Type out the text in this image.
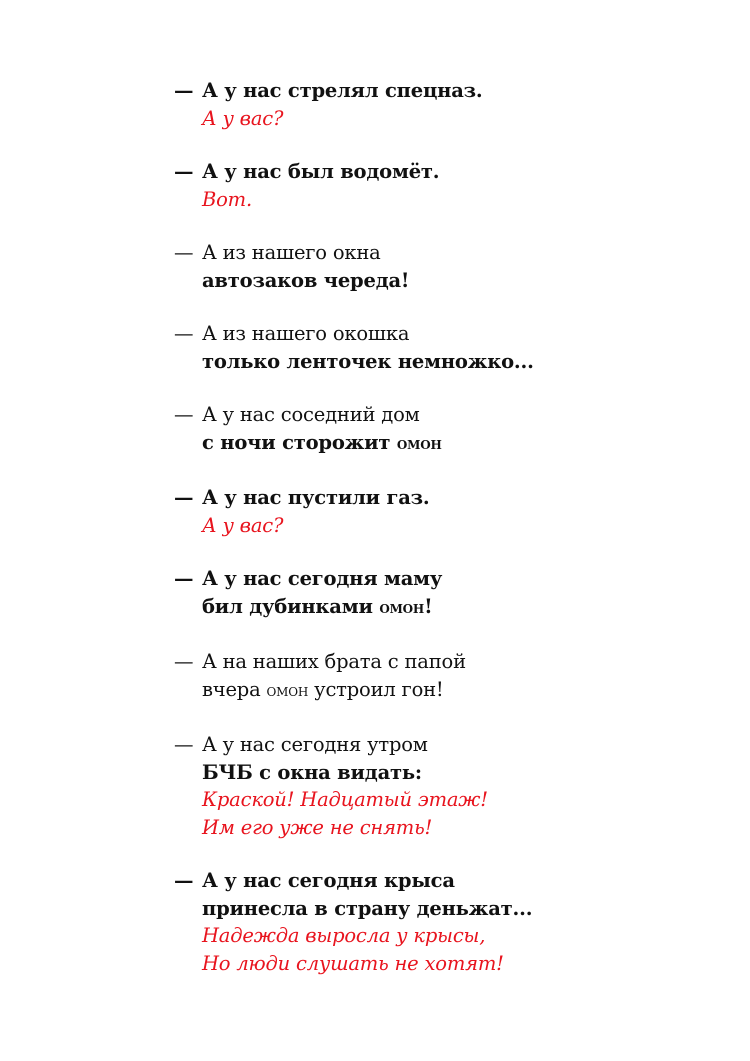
— А у нас стрелял спецназ.
А у вас?
— А у нас был водомёт.
Вот.
— А из нашего окна
автозаков череда!
— А из нашего окошка
только ленточек немножко...
— А у нас соседний дом
с ночи сторожит омон
— А у нас пустили газ.
А у вас?
— А у нас сегодня маму
бил дубинками омон!
— А на наших брата с папой
вчера омон устроил гон!
— А у нас сегодня утром
БЧБ с окна видать:
Краской! Надцатый этаж!
Им его уже не снять!
— А у нас сегодня крыса
принесла в страну деньжат...
Надежда выросла у крысы,
Но люди слушать не хотят!
